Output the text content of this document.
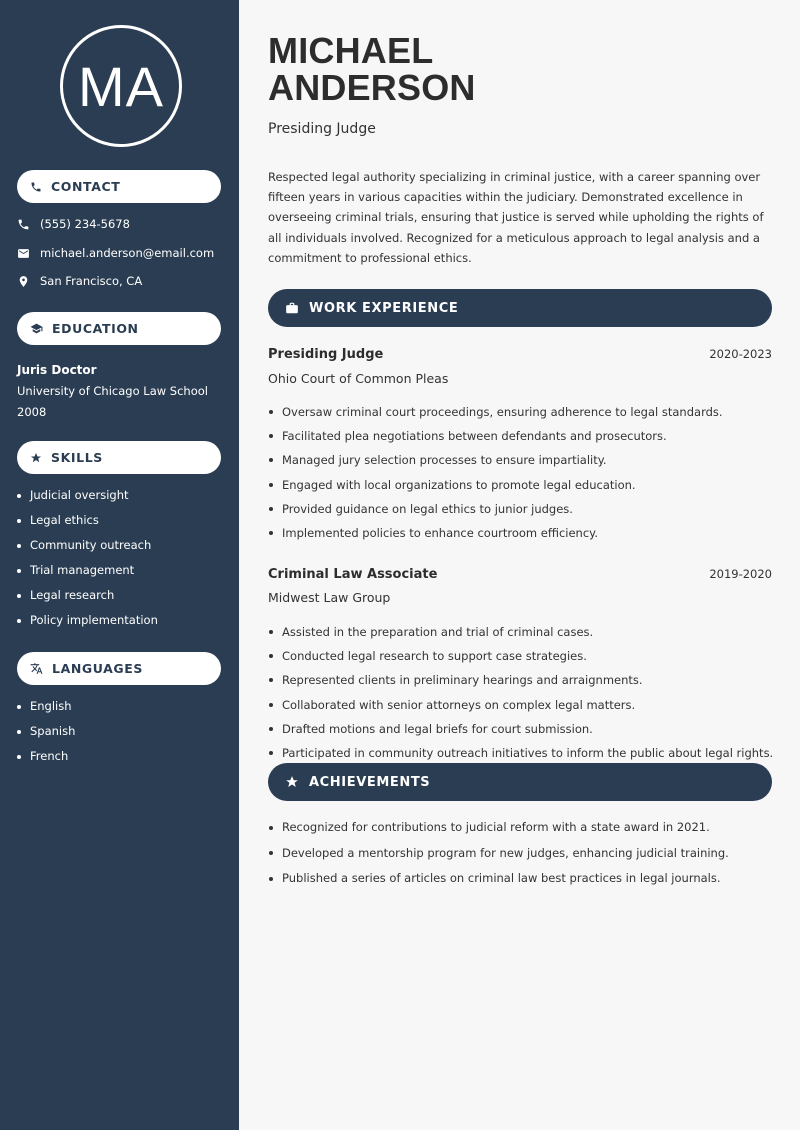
MA
CONTACT
(555) 234-5678
michael.anderson@email.com
San Francisco, CA
EDUCATION
Juris Doctor
University of Chicago Law School
2008
SKILLS
Judicial oversight
Legal ethics
Community outreach
Trial management
Legal research
Policy implementation
LANGUAGES
English
Spanish
French
MICHAEL
ANDERSON
Presiding Judge
Respected legal authority specializing in criminal justice, with a career spanning over fifteen years in various capacities within the judiciary. Demonstrated excellence in overseeing criminal trials, ensuring that justice is served while upholding the rights of all individuals involved. Recognized for a meticulous approach to legal analysis and a commitment to professional ethics.
WORK EXPERIENCE
Presiding Judge	2020-2023
Ohio Court of Common Pleas
Oversaw criminal court proceedings, ensuring adherence to legal standards.
Facilitated plea negotiations between defendants and prosecutors.
Managed jury selection processes to ensure impartiality.
Engaged with local organizations to promote legal education.
Provided guidance on legal ethics to junior judges.
Implemented policies to enhance courtroom efficiency.
Criminal Law Associate	2019-2020
Midwest Law Group
Assisted in the preparation and trial of criminal cases.
Conducted legal research to support case strategies.
Represented clients in preliminary hearings and arraignments.
Collaborated with senior attorneys on complex legal matters.
Drafted motions and legal briefs for court submission.
Participated in community outreach initiatives to inform the public about legal rights.
ACHIEVEMENTS
Recognized for contributions to judicial reform with a state award in 2021.
Developed a mentorship program for new judges, enhancing judicial training.
Published a series of articles on criminal law best practices in legal journals.
